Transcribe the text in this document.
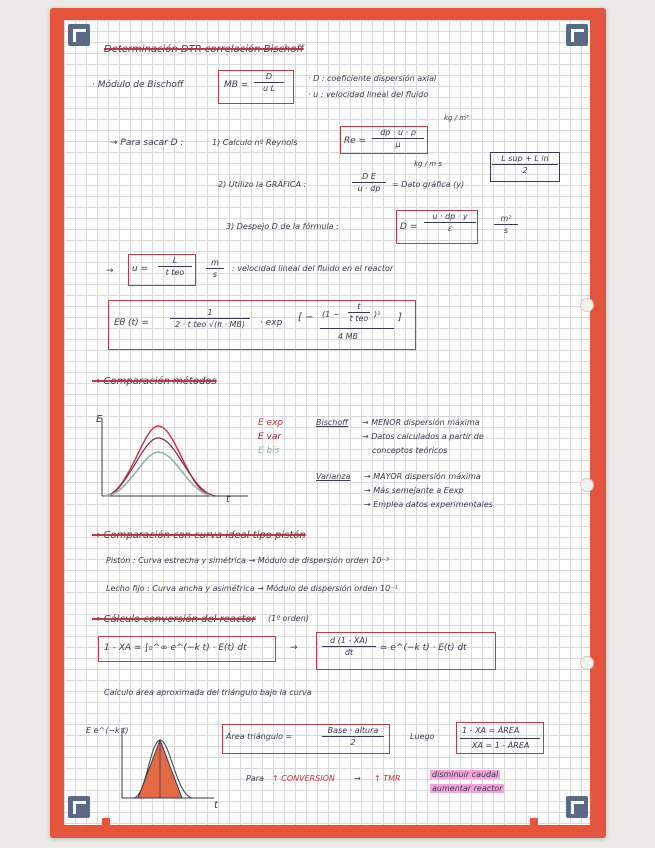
Determinación DTR correlación Bischoff
· Módulo de Bischoff	MB =
D
u L
· D : coeficiente dispersión axial
· u : velocidad lineal del fluido
→ Para sacar D :	1) Calculo nº Reynols	Re =
dp · u · ρ
μ
kg / m³
kg / m s
2) Utilizo la GRÁFICA :
D E
u · dp = Dato gráfica (y)
L sup + L in
2
3) Despejo D de la fórmula :	D =
u · dp · y
ε
m²
s
→ u =
L
t teo
m
s
: velocidad lineal del fluido en el reactor
Eθ (t) =
1
2 · t teo √(π · MB) · exp [ − (1 −
t
t teo )²
4 MB
]
→ Comparación métodos
E
t
E exp
E var
E bis
Bischoff → MENOR dispersión máxima
→ Datos calculados a partir de
conceptos teóricos
Varianza → MAYOR dispersión máxima
→ Más semejante a Eexp
→ Emplea datos experimentales
→ Comparación con curva ideal tipo pistón
Pistón : Curva estrecha y simétrica → Módulo de dispersión orden 10⁻³
Lecho fijo : Curva ancha y asimétrica → Módulo de dispersión orden 10⁻¹
→ Cálculo conversión del reactor (1º orden)
1 - XA = ∫₀^∞ e^(−k t) · E(t) dt	→
d (1 - XA)
dt	= e^(−k t) · E(t) dt
Calculo área aproximada del triángulo bajo la curva
E e^(−k t)
t
Área triángulo =
Base · altura
2
Luego
1 - XA = ÁREA
XA = 1 - ÁREA
Para ↑ CONVERSIÓN → ↑ TMR	disminuir caudal
aumentar reactor
